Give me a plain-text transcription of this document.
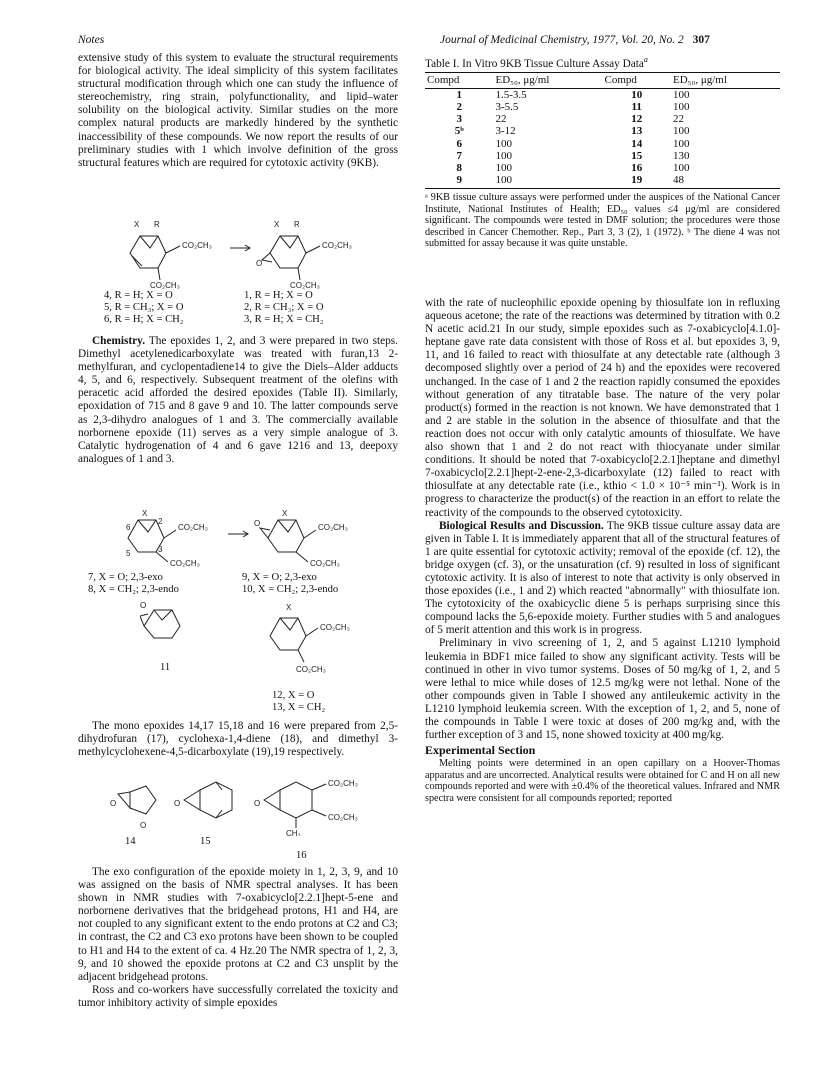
Notes	Journal of Medicinal Chemistry, 1977, Vol. 20, No. 2 307

extensive study of this system to evaluate the structural requirements for biological activity. The ideal simplicity of this system facilitates structural modification through which one can study the influence of stereochemistry, ring strain, polyfunctionality, and lipid–water solubility on the biological activity. Similar studies on the more complex natural products are markedly hindered by the synthetic inaccessibility of these compounds. We now report the results of our preliminary studies with 1 which involve definition of the gross structural features which are required for cytotoxic activity (9KB).

X R
CO₂CH₃
CO₂CH₃
X R
O
CO₂CH₃
CO₂CH₃
4, R = H; X = O
5, R = CH₃; X = O
6, R = H; X = CH₂
1, R = H; X = O
2, R = CH₃; X = O
3, R = H; X = CH₂

Chemistry. The epoxides 1, 2, and 3 were prepared in two steps. Dimethyl acetylenedicarboxylate was treated with furan,13 2-methylfuran, and cyclopentadiene14 to give the Diels–Alder adducts 4, 5, and 6, respectively. Subsequent treatment of the olefins with peracetic acid afforded the desired epoxides (Table II). Similarly, epoxidation of 715 and 8 gave 9 and 10. The latter compounds serve as 2,3-dihydro analogues of 1 and 3. The commercially available norbornene epoxide (11) serves as a very simple analogue of 3. Catalytic hydrogenation of 4 and 6 gave 1216 and 13, deepoxy analogues of 1 and 3.

6
5
2
3
X
CO₂CH₃
CO₂CH₃
O
X
CO₂CH₃
CO₂CH₃
7, X = O; 2,3-exo
8, X = CH₂; 2,3-endo
9, X = O; 2,3-exo
10, X = CH₂; 2,3-endo
O	X
CO₂CH₃
CO₂CH₃
11
12, X = O
13, X = CH₂

The mono epoxides 14,17 15,18 and 16 were prepared from 2,5-dihydrofuran (17), cyclohexa-1,4-diene (18), and dimethyl 3-methylcyclohexene-4,5-dicarboxylate (19),19 respectively.

O
O
O	O
CO₂CH₃
CO₂CH₃
CH₃
14	15
16

The exo configuration of the epoxide moiety in 1, 2, 3, 9, and 10 was assigned on the basis of NMR spectral analyses. It has been shown in NMR studies with 7-oxabicyclo[2.2.1]hept-5-ene and norbornene derivatives that the bridgehead protons, H1 and H4, are not coupled to any significant extent to the endo protons at C2 and C3; in contrast, the C2 and C3 exo protons have been shown to be coupled to H1 and H4 to the extent of ca. 4 Hz.20 The NMR spectra of 1, 2, 3, 9, and 10 showed the epoxide protons at C2 and C3 unsplit by the adjacent bridgehead protons.

Ross and co-workers have successfully correlated the toxicity and tumor inhibitory activity of simple epoxides

Table I. In Vitro 9KB Tissue Culture Assay Data$^a$
Compd	ED₅₀, μg/ml	Compd	ED₅₀, μg/ml
1	1.5-3.5	10	100
2	3-5.5	11	100
3	22	12	22
5ᵇ	3-12	13	100
6	100	14	100
7	100	15	130
8	100	16	100
9	100	19	48
ᵃ 9KB tissue culture assays were performed under the auspices of the National Cancer Institute, National Institutes of Health; ED₅₀ values ≤4 μg/ml are considered significant. The compounds were tested in DMF solution; the procedures were those described in Cancer Chemother. Rep., Part 3, 3 (2), 1 (1972). ᵇ The diene 4 was not submitted for assay because it was quite unstable.

with the rate of nucleophilic epoxide opening by thiosulfate ion in refluxing aqueous acetone; the rate of the reactions was determined by titration with 0.2 N acetic acid.21 In our study, simple epoxides such as 7-oxabicyclo[4.1.0]-heptane gave rate data consistent with those of Ross et al. but epoxides 3, 9, 11, and 16 failed to react with thiosulfate at any detectable rate (although 3 decomposed slightly over a period of 24 h) and the epoxides were recovered unchanged. In the case of 1 and 2 the reaction rapidly consumed the epoxides without generation of any titratable base. The nature of the very polar product(s) formed in the reaction is not known. We have demonstrated that 1 and 2 are stable in the solution in the absence of thiosulfate and that the reaction does not occur with only catalytic amounts of thiosulfate. We have also shown that 1 and 2 do not react with thiocyanate under similar conditions. It should be noted that 7-oxabicyclo[2.2.1]heptane and dimethyl 7-oxabicyclo[2.2.1]hept-2-ene-2,3-dicarboxylate (12) failed to react with thiosulfate at any detectable rate (i.e., kthio < 1.0 × 10⁻⁵ min⁻¹). Work is in progress to characterize the product(s) of the reaction in an effort to relate the reactivity of the compounds to the observed cytotoxicity.

Biological Results and Discussion. The 9KB tissue culture assay data are given in Table I. It is immediately apparent that all of the structural features of 1 are quite essential for cytotoxic activity; removal of the epoxide (cf. 12), the bridge oxygen (cf. 3), or the unsaturation (cf. 9) resulted in loss of significant cytotoxic activity. It is also of interest to note that activity is only observed in those epoxides (i.e., 1 and 2) which reacted "abnormally" with thiosulfate ion. The cytotoxicity of the oxabicyclic diene 5 is perhaps surprising since this compound lacks the 5,6-epoxide moiety. Further studies with 5 and analogues of 5 merit attention and this work is in progress.

Preliminary in vivo screening of 1, 2, and 5 against L1210 lymphoid leukemia in BDF1 mice failed to show any significant activity. Tests will be continued in other in vivo tumor systems. Doses of 50 mg/kg of 1, 2, and 5 were lethal to mice while doses of 12.5 mg/kg were not lethal. None of the other compounds given in Table I showed any antileukemic activity in the L1210 lymphoid leukemia screen. With the exception of 1, 2, and 5, none of the compounds in Table I were toxic at doses of 200 mg/kg and, with the further exception of 3 and 15, none showed toxicity at 400 mg/kg.

Experimental Section

Melting points were determined in an open capillary on a Hoover-Thomas apparatus and are uncorrected. Analytical results were obtained for C and H on all new compounds reported and were with ±0.4% of the theoretical values. Infrared and NMR spectra were consistent for all compounds reported; reported
